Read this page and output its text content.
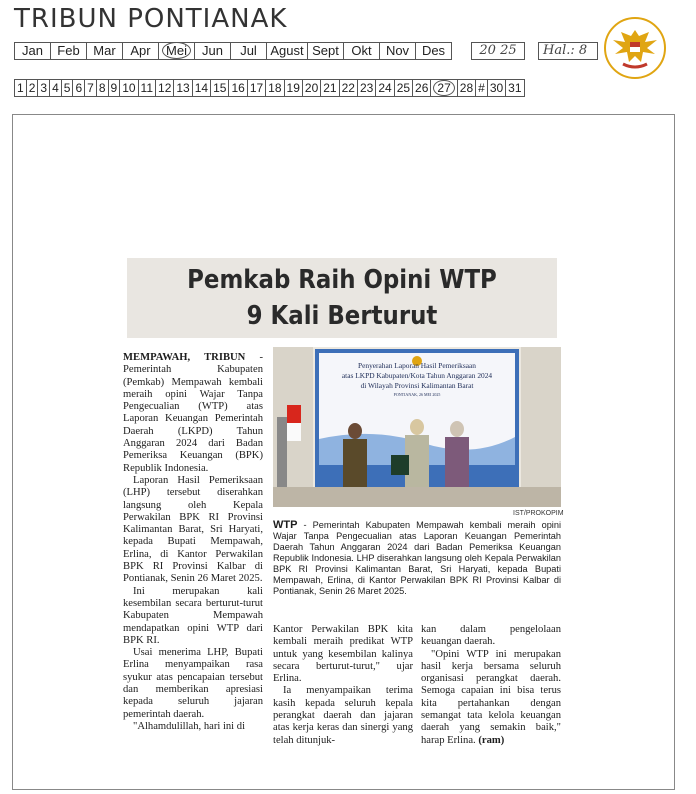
TRIBUN PONTIANAK
Jan	Feb	Mar	Apr	Mei	Jun	Jul	Agust Sept Okt	Nov Des	20 25	Hal.: 8
1 2 3 4 5 6 7 8 9 10 11 12 13 14 15 16 17 18 19 20 21 22 23 24 25 26 27 28 # 30 31
Pemkab Raih Opini WTP
9 Kali Berturut

MEMPAWAH, TRIBUN - Pemerintah Kabupaten (Pemkab) Mempawah kembali meraih opini Wajar Tanpa Pengecualian (WTP) atas Laporan Keuangan Pemerintah Daerah (LKPD) Tahun Anggaran 2024 dari Badan Pemeriksa Keuangan (BPK) Republik Indonesia.

Laporan Hasil Pemeriksaan (LHP) tersebut diserahkan langsung oleh Kepala Perwakilan BPK RI Provinsi Kalimantan Barat, Sri Haryati, kepada Bupati Mempawah, Erlina, di Kantor Perwakilan BPK RI Provinsi Kalbar di Pontianak, Senin 26 Maret 2025.

Ini merupakan kali kesembilan secara berturut-turut Kabupaten Mempawah mendapatkan opini WTP dari BPK RI.

Usai menerima LHP, Bupati Erlina menyampaikan rasa syukur atas pencapaian tersebut dan memberikan apresiasi kepada seluruh jajaran pemerintah daerah.

"Alhamdulillah, hari ini di

Penyerahan Laporan Hasil Pemeriksaan
atas LKPD Kabupaten/Kota Tahun Anggaran 2024
di Wilayah Provinsi Kalimantan Barat
PONTIANAK, 26 MEI 2025
IST/PROKOPIM
WTP - Pemerintah Kabupaten Mempawah kembali meraih opini Wajar Tanpa Pengecualian atas Laporan Keuangan Pemerintah Daerah Tahun Anggaran 2024 dari Badan Pemeriksa Keuangan Republik Indonesia. LHP diserahkan langsung oleh Kepala Perwakilan BPK RI Provinsi Kalimantan Barat, Sri Haryati, kepada Bupati Mempawah, Erlina, di Kantor Perwakilan BPK RI Provinsi Kalbar di Pontianak, Senin 26 Maret 2025.

Kantor Perwakilan BPK kita kembali meraih predikat WTP untuk yang kesembilan kalinya secara berturut-turut," ujar Erlina.

Ia menyampaikan terima kasih kepada seluruh kepala perangkat daerah dan jajaran atas kerja keras dan sinergi yang telah ditunjuk-

kan dalam pengelolaan keuangan daerah.

"Opini WTP ini merupakan hasil kerja bersama seluruh organisasi perangkat daerah. Semoga capaian ini bisa terus kita pertahankan dengan semangat tata kelola keuangan daerah yang semakin baik," harap Erlina. (ram)
